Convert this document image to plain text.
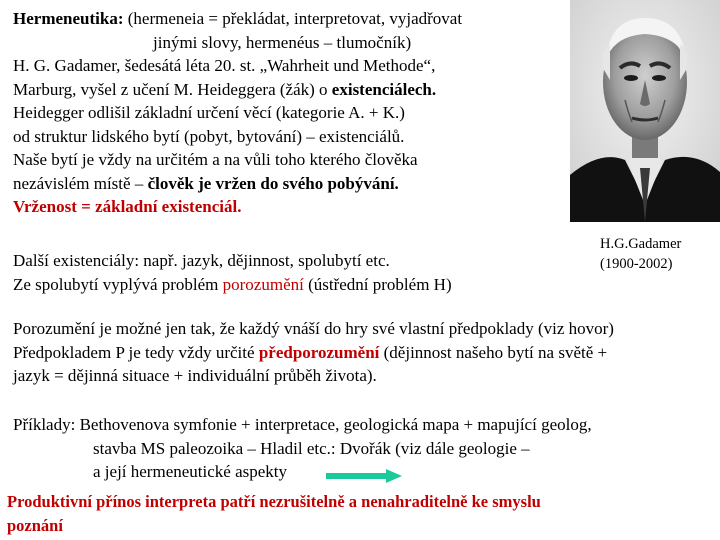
Hermeneutika: (hermeneia = překládat, interpretovat, vyjadřovat
jinými slovy, hermenéus – tlumočník)
H. G. Gadamer, šedesátá léta 20. st. „Wahrheit und Methode“,
Marburg, vyšel z učení M. Heideggera (žák) o existenciálech.
Heidegger odlišil základní určení věcí (kategorie A. + K.)
od struktur lidského bytí (pobyt, bytování) – existenciálů.
Naše bytí je vždy na určitém a na vůli toho kterého člověka
nezávislém místě – člověk je vržen do svého pobývání.
Vrženost = základní existenciál.
H.G.Gadamer
(1900-2002)
Další existenciály: např. jazyk, dějinnost, spolubytí etc.
Ze spolubytí vyplývá problém porozumění (ústřední problém H)
Porozumění je možné jen tak, že každý vnáší do hry své vlastní předpoklady (viz hovor)
Předpokladem P je tedy vždy určité předporozumění (dějinnost našeho bytí na světě +
jazyk = dějinná situace + individuální průběh života).
Příklady: Bethovenova symfonie + interpretace, geologická mapa + mapující geolog,
stavba MS paleozoika – Hladil etc.: Dvořák (viz dále geologie –
a její hermeneutické aspekty
Produktivní přínos interpreta patří nezrušitelně a nenahraditelně ke smyslu
poznání
